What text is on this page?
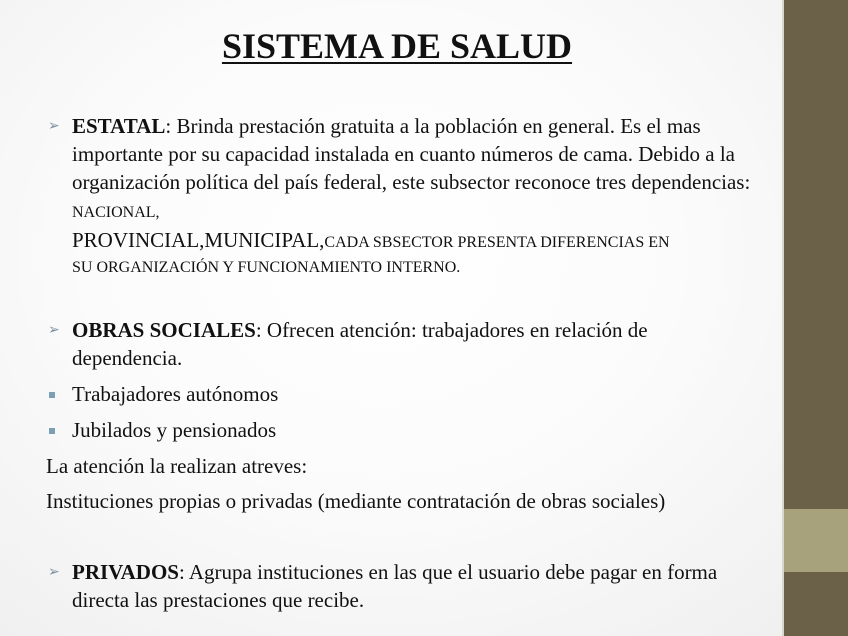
SISTEMA DE SALUD
➢ ESTATAL: Brinda prestación gratuita a la población en general. Es el mas importante por su capacidad instalada en cuanto números de cama. Debido a la organización política del país federal, este subsector reconoce tres dependencias: NACIONAL,
PROVINCIAL,MUNICIPAL,CADA SBSECTOR PRESENTA DIFERENCIAS EN
SU ORGANIZACIÓN Y FUNCIONAMIENTO INTERNO.
➢ OBRAS SOCIALES: Ofrecen atención: trabajadores en relación de dependencia.
Trabajadores autónomos
Jubilados y pensionados
La atención la realizan atreves:
Instituciones propias o privadas (mediante contratación de obras sociales)
➢ PRIVADOS: Agrupa instituciones en las que el usuario debe pagar en forma directa las prestaciones que recibe.
